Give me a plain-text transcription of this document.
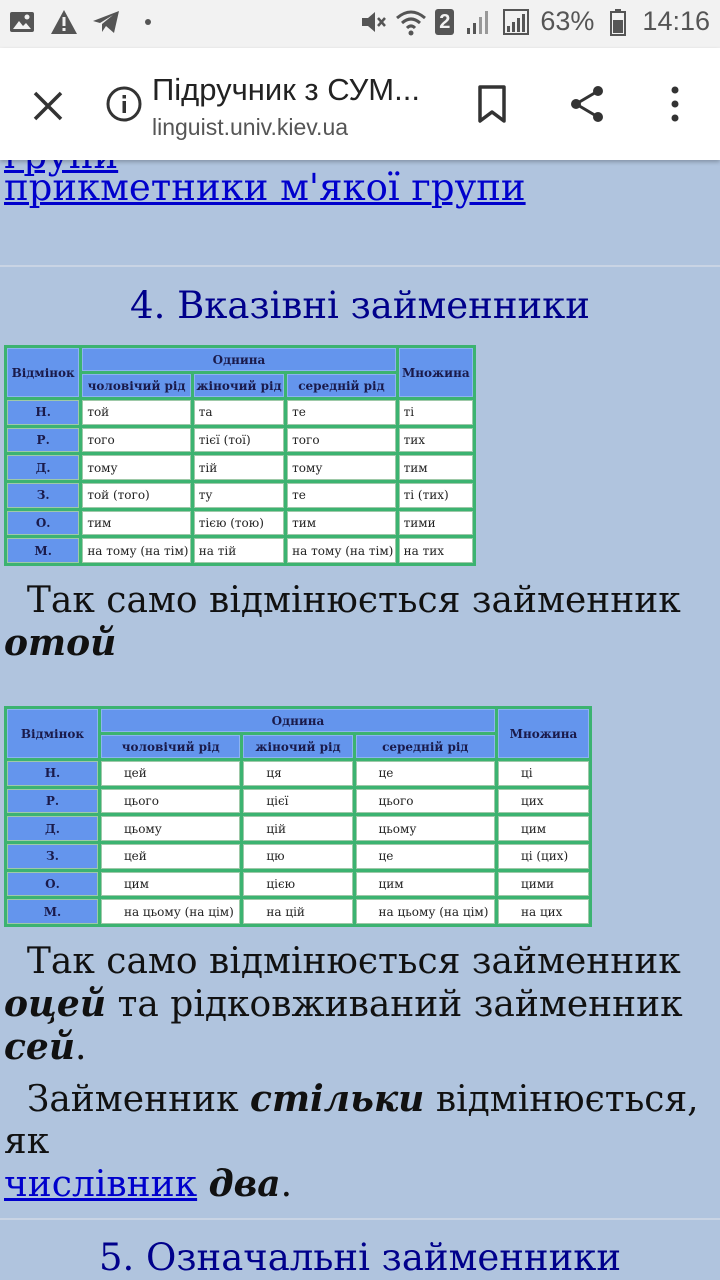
2	63% 14:16
Підручник з СУМ...
linguist.univ.kiev.ua
прикметники м'якої групи
4. Вказівні займенники
Відмінок	Однина			Множина
	чоловічий рід	жіночий рід	середній рід	
Н.	той	та	те	ті
Р.	того	тієї (тої)	того	тих
Д.	тому	тій	тому	тим
З.	той (того)	ту	те	ті (тих)
О.	тим	тією (тою)	тим	тими
М.	на тому (на тім)	на тій	на тому (на тім)	на тих
Так само відмінюється займенник
отой
Відмінок	Однина			Множина
	чоловічий рід	жіночий рід	середній рід	
Н.	цей	ця	це	ці
Р.	цього	цієї	цього	цих
Д.	цьому	цій	цьому	цим
З.	цей	цю	це	ці (цих)
О.	цим	цією	цим	цими
М.	на цьому (на цім)	на цій	на цьому (на цім)	на цих
Так само відмінюється займенник
оцей та рідковживаний займенник
сей.
Займенник стільки відмінюється, як
числівник два.
5. Означальні займенники
